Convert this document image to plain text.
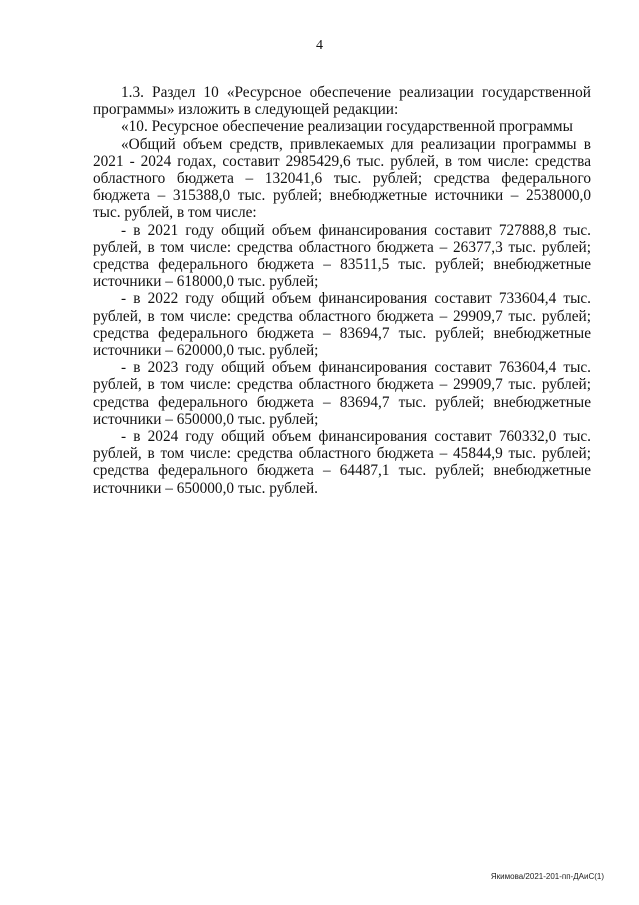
4

1.3. Раздел 10 «Ресурсное обеспечение реализации государственной программы» изложить в следующей редакции:

«10. Ресурсное обеспечение реализации государственной программы

«Общий объем средств, привлекаемых для реализации программы в 2021 - 2024 годах, составит 2985429,6 тыс. рублей, в том числе: средства областного бюджета – 132041,6 тыс. рублей; средства федерального бюджета – 315388,0 тыс. рублей; внебюджетные источники – 2538000,0 тыс. рублей, в том числе:

- в 2021 году общий объем финансирования составит 727888,8 тыс. рублей, в том числе: средства областного бюджета – 26377,3 тыс. рублей; средства федерального бюджета – 83511,5 тыс. рублей; внебюджетные источники – 618000,0 тыс. рублей;

- в 2022 году общий объем финансирования составит 733604,4 тыс. рублей, в том числе: средства областного бюджета – 29909,7 тыс. рублей; средства федерального бюджета – 83694,7 тыс. рублей; внебюджетные источники – 620000,0 тыс. рублей;

- в 2023 году общий объем финансирования составит 763604,4 тыс. рублей, в том числе: средства областного бюджета – 29909,7 тыс. рублей; средства федерального бюджета – 83694,7 тыс. рублей; внебюджетные источники – 650000,0 тыс. рублей;

- в 2024 году общий объем финансирования составит 760332,0 тыс. рублей, в том числе: средства областного бюджета – 45844,9 тыс. рублей; средства федерального бюджета – 64487,1 тыс. рублей; внебюджетные источники – 650000,0 тыс. рублей.

Якимова/2021-201-пп-ДАиС(1)
